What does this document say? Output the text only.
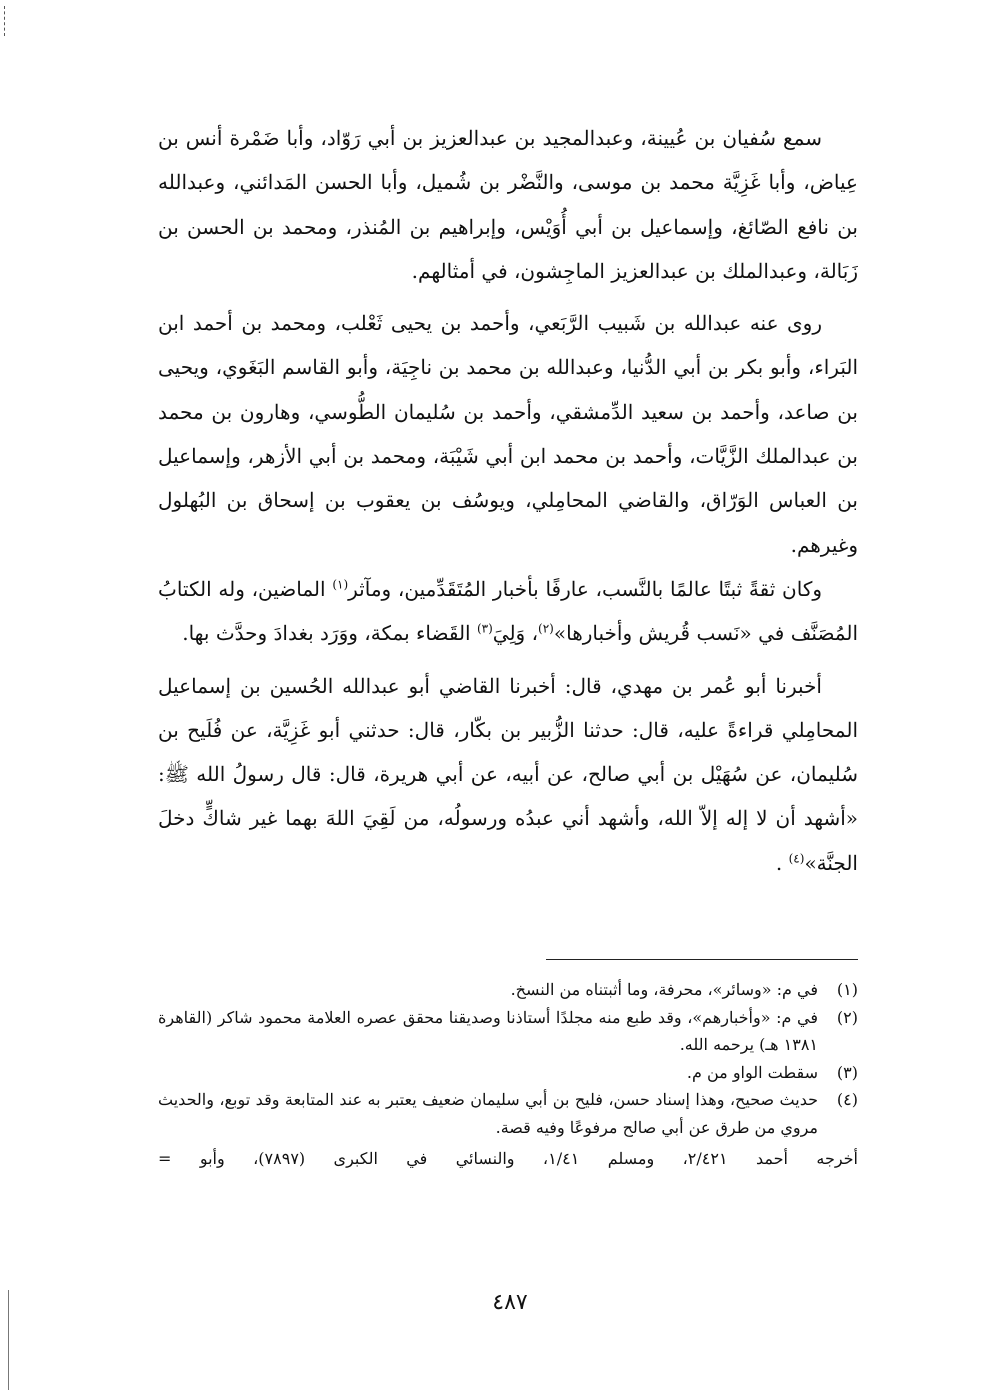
سمع سُفيان بن عُيينة، وعبدالمجيد بن عبدالعزيز بن أبي رَوّاد، وأبا ضَمْرة أنس بن عِياض، وأبا غَزِيَّة محمد بن موسى، والنَّضْر بن شُميل، وأبا الحسن المَدائني، وعبدالله بن نافع الصّائغ، وإسماعيل بن أبي أُوَيْس، وإبراهيم بن المُنذر، ومحمد بن الحسن بن زَبَالة، وعبدالملك بن عبدالعزيز الماجِشون، في أمثالهم.

روى عنه عبدالله بن شَبيب الرَّبَعي، وأحمد بن يحيى ثَعْلب، ومحمد بن أحمد ابن البَراء، وأبو بكر بن أبي الدُّنيا، وعبدالله بن محمد بن ناجِيَة، وأبو القاسم البَغَوي، ويحيى بن صاعد، وأحمد بن سعيد الدِّمشقي، وأحمد بن سُليمان الطُّوسي، وهارون بن محمد بن عبدالملك الزَّيَّات، وأحمد بن محمد ابن أبي شَيْبَة، ومحمد بن أبي الأزهر، وإسماعيل بن العباس الوَرّاق، والقاضي المحامِلي، ويوسُف بن يعقوب بن إسحاق بن البُهلول وغيرهم.

وكان ثقةً ثبتًا عالمًا بالنَّسب، عارفًا بأخبار المُتَقَدِّمين، ومآثر$^{(١)}$ الماضين، وله الكتابُ المُصَنَّف في «نَسب قُريش وأخبارها»$^{(٢)}$، وَلِيَ$^{(٣)}$ القَضاء بمكة، ووَرَد بغدادَ وحدَّث بها.

أخبرنا أبو عُمر بن مهدي، قال: أخبرنا القاضي أبو عبدالله الحُسين بن إسماعيل المحامِلي قراءةً عليه، قال: حدثنا الزُّبير بن بكّار، قال: حدثني أبو غَزِيَّة، عن فُلَيح بن سُليمان، عن سُهَيْل بن أبي صالح، عن أبيه، عن أبي هريرة، قال: قال رسولُ الله ﷺ: «أشهد أن لا إله إلاّ الله، وأشهد أني عبدُه ورسولُه، من لَقِيَ اللهَ بهما غير شاكٍّ دخلَ الجنَّة»$^{(٤)}$ .

(١)
في م: «وسائر»، محرفة، وما أثبتناه من النسخ.
(٢)
في م: «وأخبارهم»، وقد طبع منه مجلدًا أستاذنا وصديقنا محقق عصره العلامة محمود شاكر (القاهرة ١٣٨١ هـ) يرحمه الله.
(٣)
سقطت الواو من م.
(٤)
حديث صحيح، وهذا إسناد حسن، فليح بن أبي سليمان ضعيف يعتبر به عند المتابعة وقد توبع، والحديث مروي من طرق عن أبي صالح مرفوعًا وفيه قصة.
أخرجه أحمد ٢/٤٢١، ومسلم ١/٤١، والنسائي في الكبرى (٧٨٩٧)، وأبو =
٤٨٧
